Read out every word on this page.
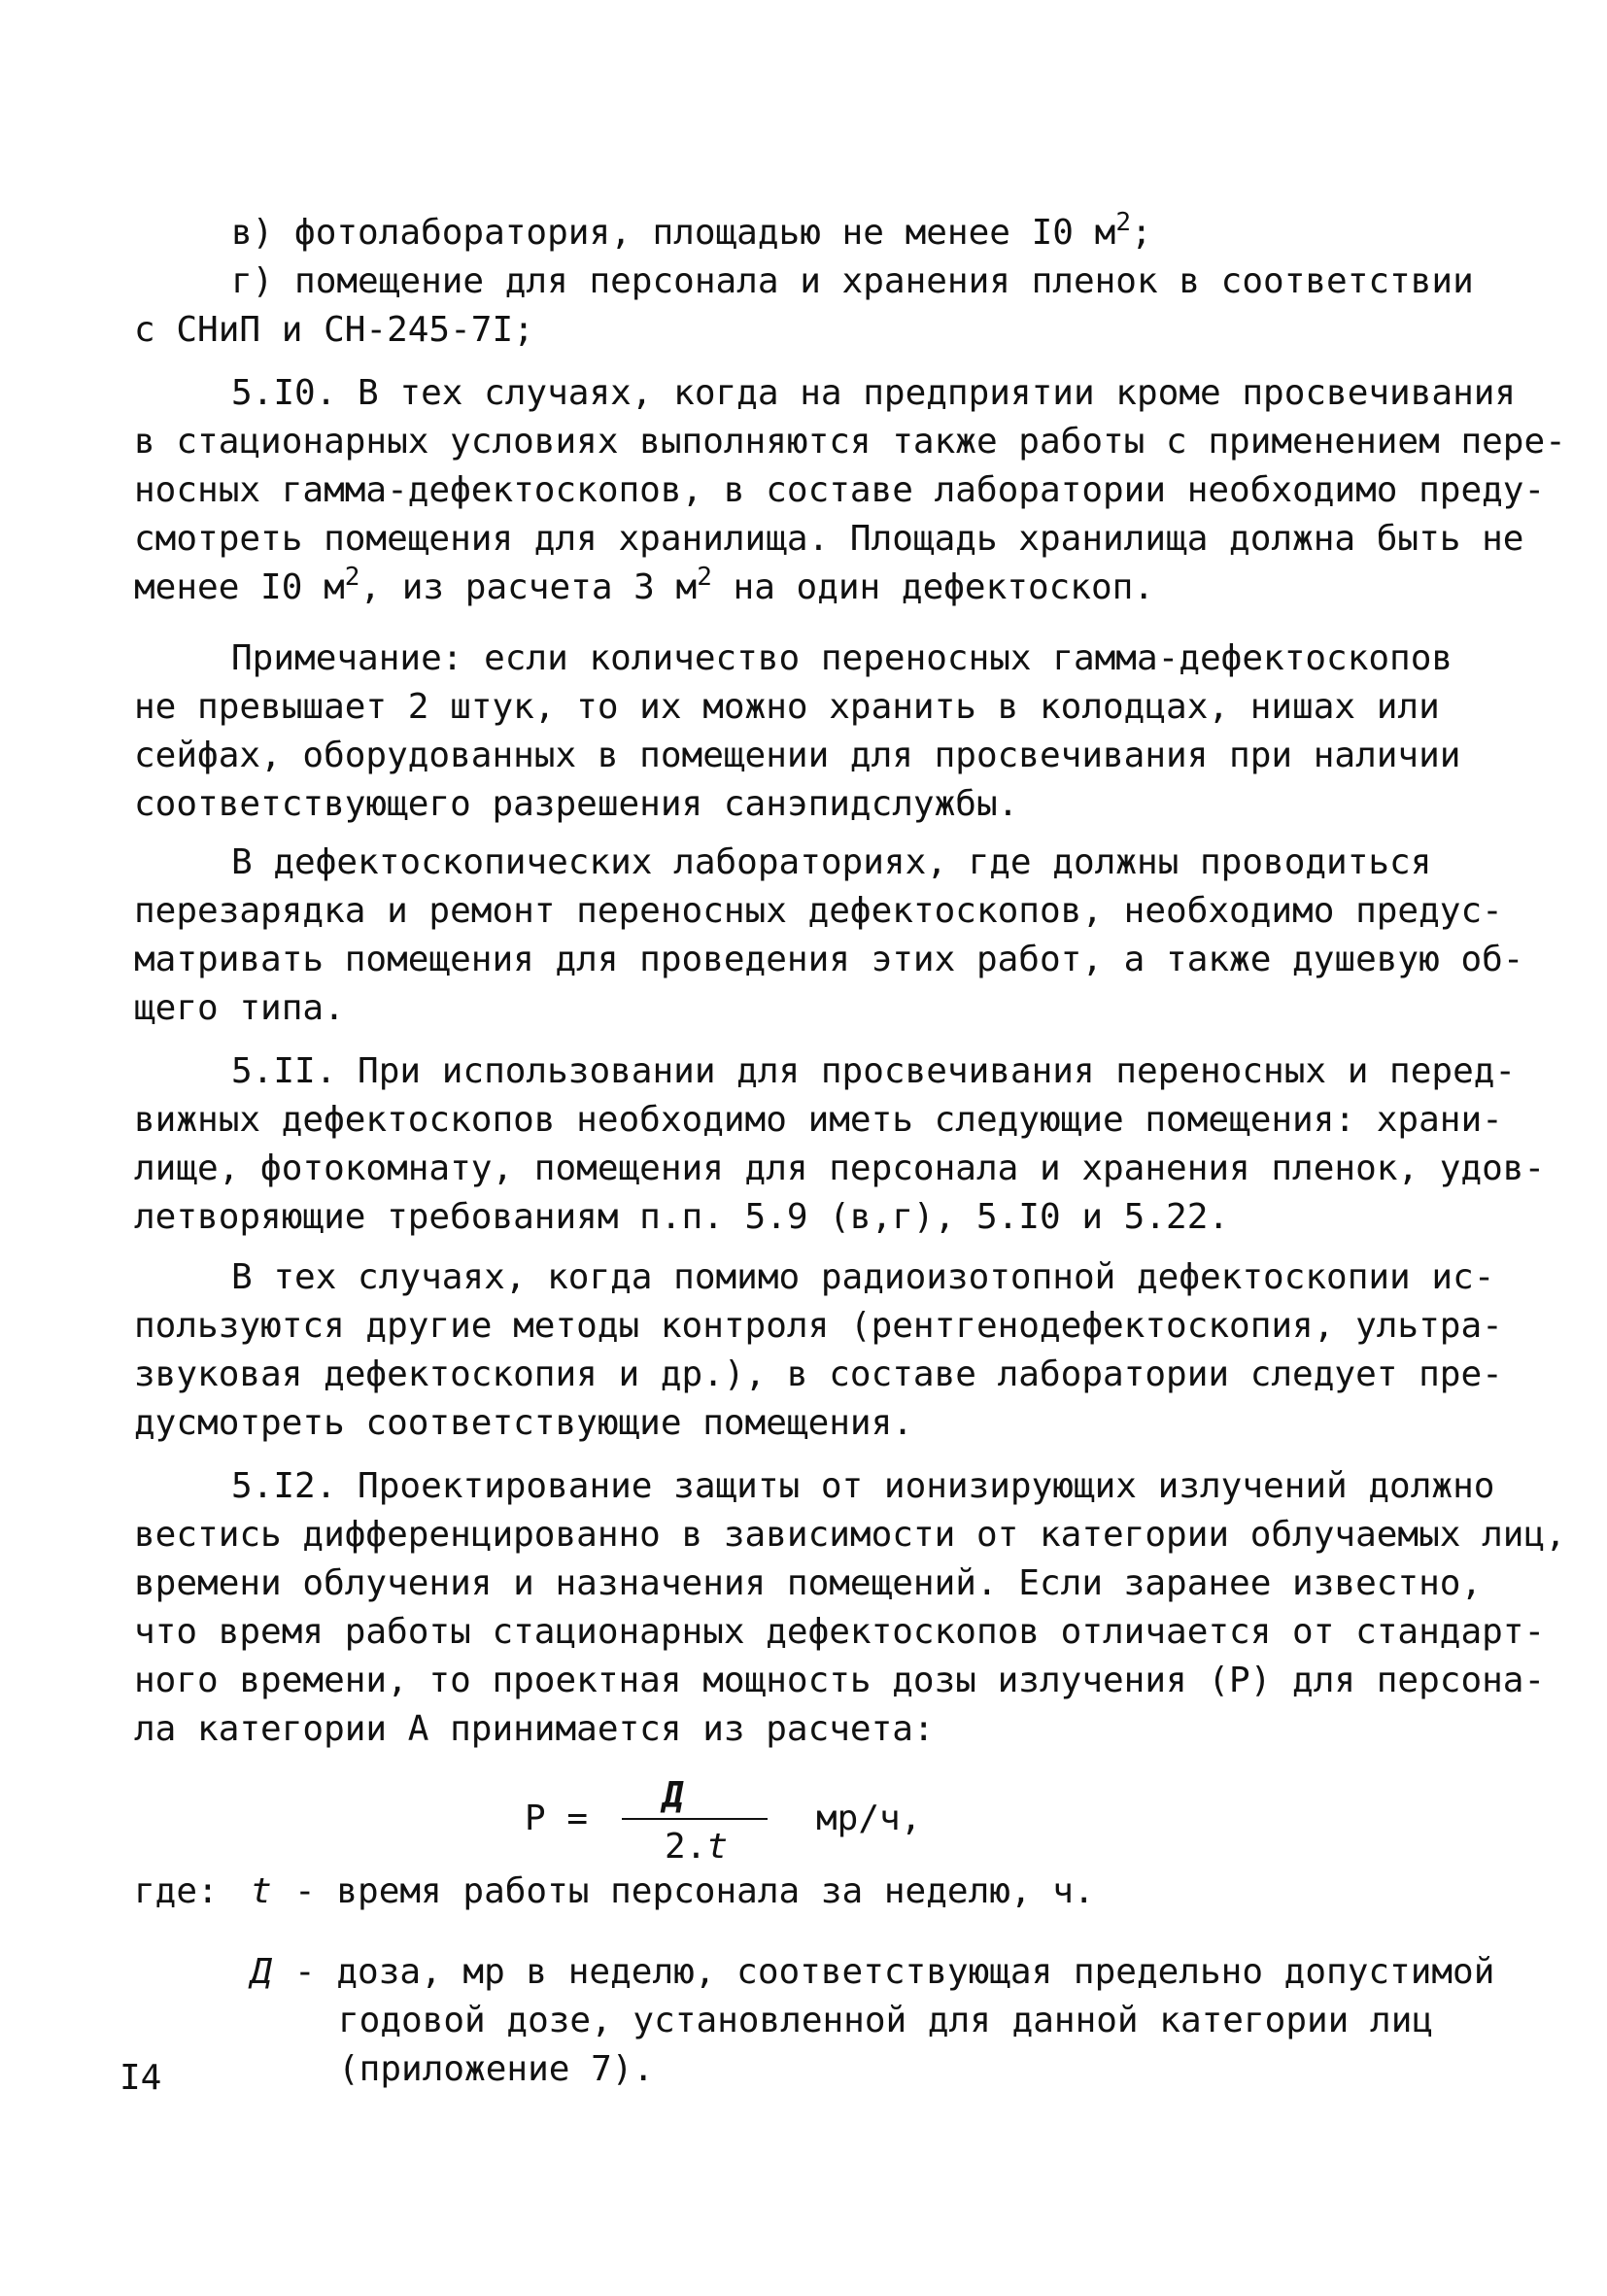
в) фотолаборатория, площадью не менее I0 $м^2$;
г) помещение для персонала и хранения пленок в соответствии
с СНиП и СН-245-7I;
5.I0. В тех случаях, когда на предприятии кроме просвечивания
в стационарных условиях выполняются также работы с применением пере-
носных гамма-дефектоскопов, в составе лаборатории необходимо преду-
смотреть помещения для хранилища. Площадь хранилища должна быть не
менее I0 $м^2$, из расчета 3 $м^2$ на один дефектоскоп.
Примечание: если количество переносных гамма-дефектоскопов
не превышает 2 штук, то их можно хранить в колодцах, нишах или
сейфах, оборудованных в помещении для просвечивания при наличии
соответствующего разрешения санэпидслужбы.
В дефектоскопических лабораториях, где должны проводиться
перезарядка и ремонт переносных дефектоскопов, необходимо предус-
матривать помещения для проведения этих работ, а также душевую об-
щего типа.
5.II. При использовании для просвечивания переносных и перед-
вижных дефектоскопов необходимо иметь следующие помещения: храни-
лище, фотокомнату, помещения для персонала и хранения пленок, удов-
летворяющие требованиям п.п. 5.9 (в,г), 5.I0 и 5.22.
В тех случаях, когда помимо радиоизотопной дефектоскопии ис-
пользуются другие методы контроля (рентгенодефектоскопия, ультра-
звуковая дефектоскопия и др.), в составе лаборатории следует пре-
дусмотреть соответствующие помещения.
5.I2. Проектирование защиты от ионизирующих излучений должно
вестись дифференцированно в зависимости от категории облучаемых лиц,
времени облучения и назначения помещений. Если заранее известно,
что время работы стационарных дефектоскопов отличается от стандарт-
ного времени, то проектная мощность дозы излучения (Р) для персона-
ла категории А принимается из расчета:
Р =
Д
2.t
мр/ч,
где: t - время работы персонала за неделю, ч.
Д - доза, мр в неделю, соответствующая предельно допустимой
годовой дозе, установленной для данной категории лиц
(приложение 7).
I4
